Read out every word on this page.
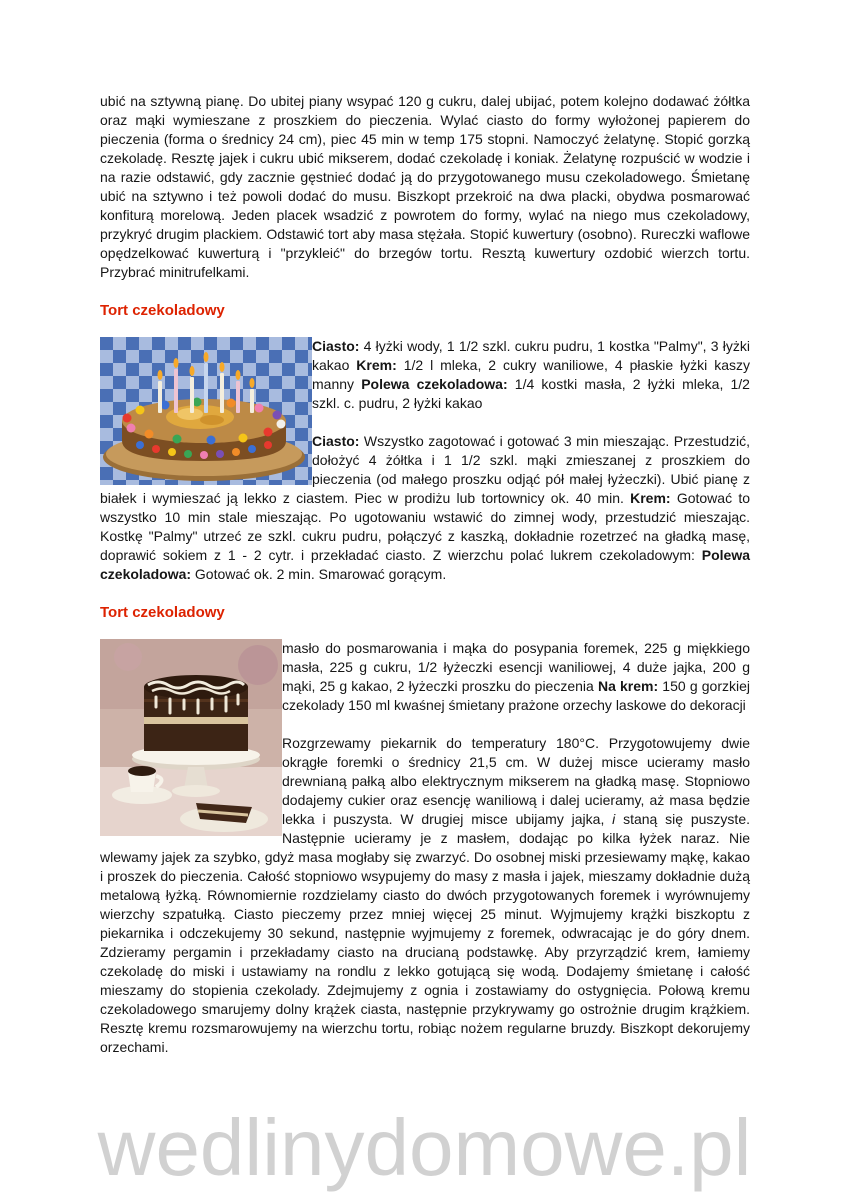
wedlinydomowe.pl

ubić na sztywną pianę. Do ubitej piany wsypać 120 g cukru, dalej ubijać, potem kolejno dodawać żółtka oraz mąki wymieszane z proszkiem do pieczenia. Wylać ciasto do formy wyłożonej papierem do pieczenia (forma o średnicy 24 cm), piec 45 min w temp 175 stopni. Namoczyć żelatynę. Stopić gorzką czekoladę. Resztę jajek i cukru ubić mikserem, dodać czekoladę i koniak. Żelatynę rozpuścić w wodzie i na razie odstawić, gdy zacznie gęstnieć dodać ją do przygotowanego musu czekoladowego. Śmietanę ubić na sztywno i też powoli dodać do musu. Biszkopt przekroić na dwa placki, obydwa posmarować konfiturą morelową. Jeden placek wsadzić z powrotem do formy, wylać na niego mus czekoladowy, przykryć drugim plackiem. Odstawić tort aby masa stężała. Stopić kuwertury (osobno). Rureczki waflowe opędzelkować kuwerturą i "przykleić" do brzegów tortu. Resztą kuwertury ozdobić wierzch tortu. Przybrać minitrufelkami.

Tort czekoladowy

Ciasto: 4 łyżki wody, 1 1/2 szkl. cukru pudru, 1 kostka "Palmy", 3 łyżki kakao Krem: 1/2 l mleka, 2 cukry waniliowe, 4 płaskie łyżki kaszy manny Polewa czekoladowa: 1/4 kostki masła, 2 łyżki mleka, 1/2 szkl. c. pudru, 2 łyżki kakao

Ciasto: Wszystko zagotować i gotować 3 min mieszając. Przestudzić, dołożyć 4 żółtka i 1 1/2 szkl. mąki zmieszanej z proszkiem do pieczenia (od małego proszku odjąć pół małej łyżeczki). Ubić pianę z białek i wymieszać ją lekko z ciastem. Piec w prodiżu lub tortownicy ok. 40 min. Krem: Gotować to wszystko 10 min stale mieszając. Po ugotowaniu wstawić do zimnej wody, przestudzić mieszając. Kostkę "Palmy" utrzeć ze szkl. cukru pudru, połączyć z kaszką, dokładnie rozetrzeć na gładką masę, doprawić sokiem z 1 - 2 cytr. i przekładać ciasto. Z wierzchu polać lukrem czekoladowym: Polewa czekoladowa: Gotować ok. 2 min. Smarować gorącym.

Tort czekoladowy

masło do posmarowania i mąka do posypania foremek, 225 g miękkiego masła, 225 g cukru, 1/2 łyżeczki esencji waniliowej, 4 duże jajka, 200 g mąki, 25 g kakao, 2 łyżeczki proszku do pieczenia Na krem: 150 g gorzkiej czekolady 150 ml kwaśnej śmietany prażone orzechy laskowe do dekoracji

Rozgrzewamy piekarnik do temperatury 180°C. Przygotowujemy dwie okrągłe foremki o średnicy 21,5 cm. W dużej misce ucieramy masło drewnianą pałką albo elektrycznym mikserem na gładką masę. Stopniowo dodajemy cukier oraz esencję waniliową i dalej ucieramy, aż masa będzie lekka i puszysta. W drugiej misce ubijamy jajka, i staną się puszyste. Następnie ucieramy je z masłem, dodając po kilka łyżek naraz. Nie wlewamy jajek za szybko, gdyż masa mogłaby się zwarzyć. Do osobnej miski przesiewamy mąkę, kakao i proszek do pieczenia. Całość stopniowo wsypujemy do masy z masła i jajek, mieszamy dokładnie dużą metalową łyżką. Równomiernie rozdzielamy ciasto do dwóch przygotowanych foremek i wyrównujemy wierzchy szpatułką. Ciasto pieczemy przez mniej więcej 25 minut. Wyjmujemy krążki biszkoptu z piekarnika i odczekujemy 30 sekund, następnie wyjmujemy z foremek, odwracając je do góry dnem. Zdzieramy pergamin i przekładamy ciasto na drucianą podstawkę. Aby przyrządzić krem, łamiemy czekoladę do miski i ustawiamy na rondlu z lekko gotującą się wodą. Dodajemy śmietanę i całość mieszamy do stopienia czekolady. Zdejmujemy z ognia i zostawiamy do ostygnięcia. Połową kremu czekoladowego smarujemy dolny krążek ciasta, następnie przykrywamy go ostrożnie drugim krążkiem. Resztę kremu rozsmarowujemy na wierzchu tortu, robiąc nożem regularne bruzdy. Biszkopt dekorujemy orzechami.
